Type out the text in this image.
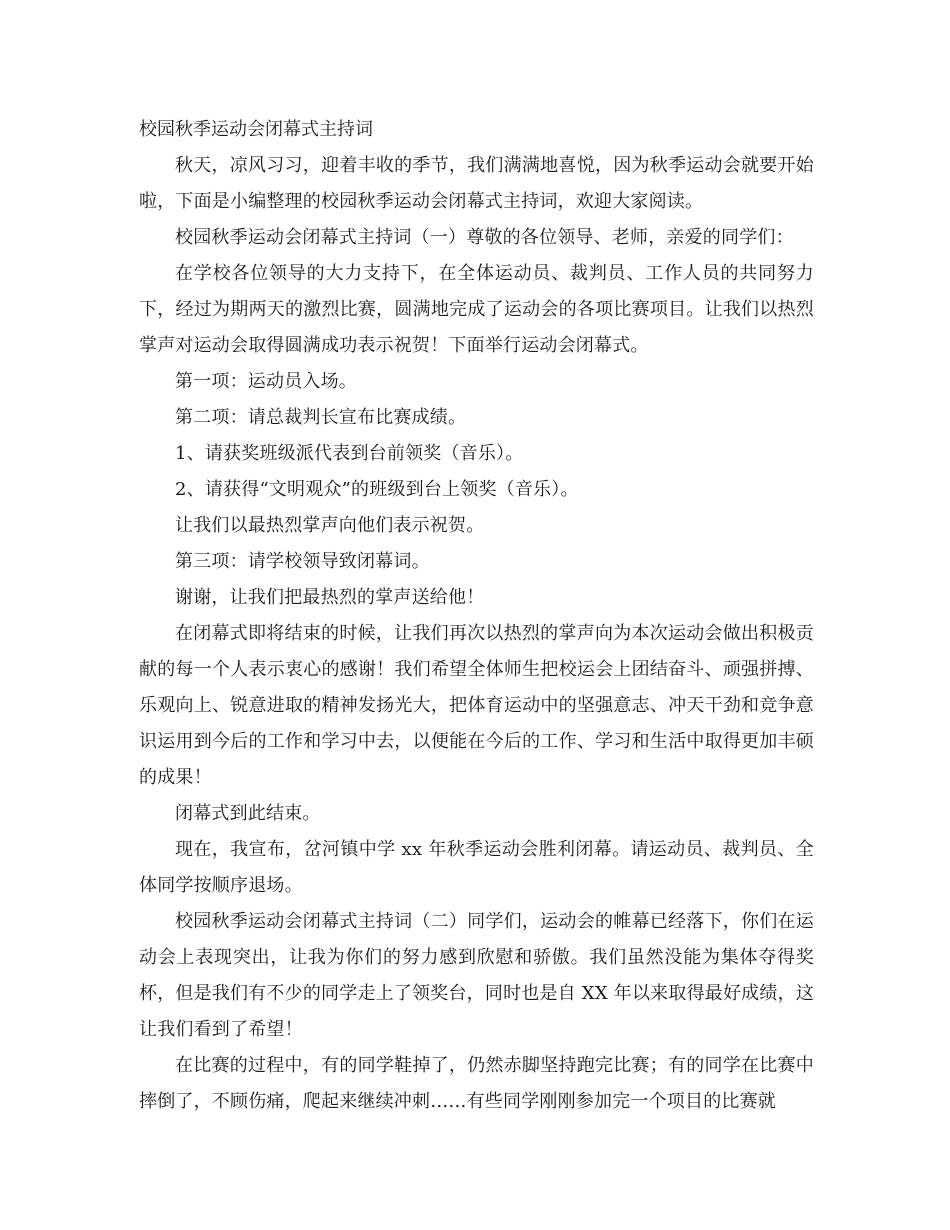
校园秋季运动会闭幕式主持词

秋天，凉风习习，迎着丰收的季节，我们满满地喜悦，因为秋季运动会就要开始啦，下面是小编整理的校园秋季运动会闭幕式主持词，欢迎大家阅读。

校园秋季运动会闭幕式主持词（一）尊敬的各位领导、老师，亲爱的同学们：

在学校各位领导的大力支持下，在全体运动员、裁判员、工作人员的共同努力下，经过为期两天的激烈比赛，圆满地完成了运动会的各项比赛项目。让我们以热烈掌声对运动会取得圆满成功表示祝贺！下面举行运动会闭幕式。

第一项：运动员入场。

第二项：请总裁判长宣布比赛成绩。

1、请获奖班级派代表到台前领奖（音乐）。

2、请获得“文明观众”的班级到台上领奖（音乐）。

让我们以最热烈掌声向他们表示祝贺。

第三项：请学校领导致闭幕词。

谢谢，让我们把最热烈的掌声送给他！

在闭幕式即将结束的时候，让我们再次以热烈的掌声向为本次运动会做出积极贡献的每一个人表示衷心的感谢！我们希望全体师生把校运会上团结奋斗、顽强拼搏、乐观向上、锐意进取的精神发扬光大，把体育运动中的坚强意志、冲天干劲和竞争意识运用到今后的工作和学习中去，以便能在今后的工作、学习和生活中取得更加丰硕的成果！

闭幕式到此结束。

现在，我宣布，岔河镇中学 xx 年秋季运动会胜利闭幕。请运动员、裁判员、全体同学按顺序退场。

校园秋季运动会闭幕式主持词（二）同学们，运动会的帷幕已经落下，你们在运动会上表现突出，让我为你们的努力感到欣慰和骄傲。我们虽然没能为集体夺得奖杯，但是我们有不少的同学走上了领奖台，同时也是自 XX 年以来取得最好成绩，这让我们看到了希望！

在比赛的过程中，有的同学鞋掉了，仍然赤脚坚持跑完比赛；有的同学在比赛中摔倒了，不顾伤痛，爬起来继续冲刺……有些同学刚刚参加完一个项目的比赛就
